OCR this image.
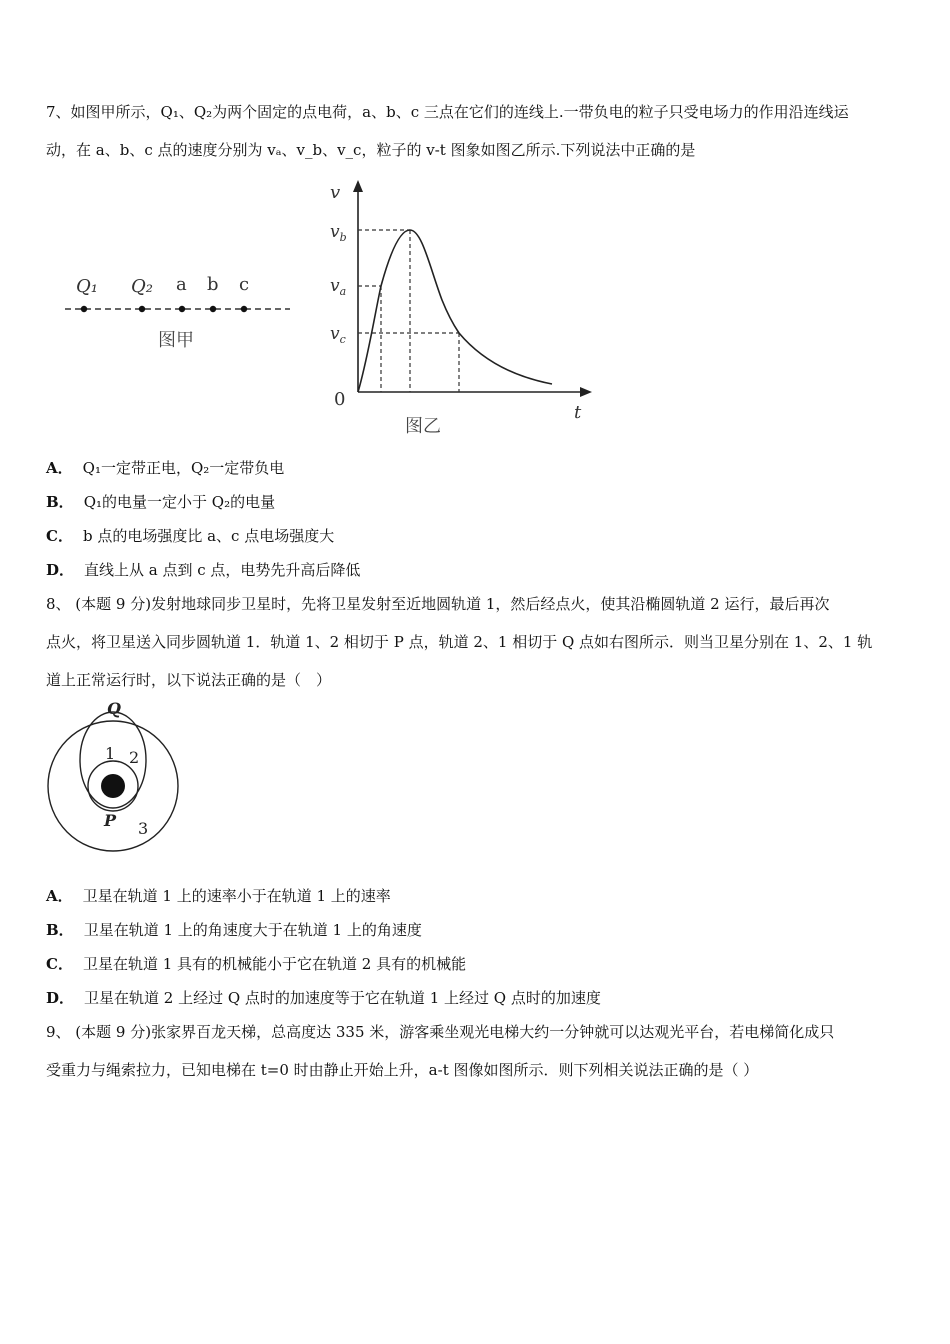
7、如图甲所示，Q₁、Q₂为两个固定的点电荷，a、b、c 三点在它们的连线上.一带负电的粒子只受电场力的作用沿连线运
动，在 a、b、c 点的速度分别为 vₐ、v_b、v_c，粒子的 v-t 图象如图乙所示.下列说法中正确的是
Q₁ Q₂ a b c
图甲
v
t
0
$v_b$
$v_a$
$v_c$
图乙
A． Q₁一定带正电，Q₂一定带负电
B． Q₁的电量一定小于 Q₂的电量
C． b 点的电场强度比 a、c 点电场强度大
D． 直线上从 a 点到 c 点，电势先升高后降低
8、 (本题 9 分)发射地球同步卫星时，先将卫星发射至近地圆轨道 1，然后经点火，使其沿椭圆轨道 2 运行，最后再次
点火，将卫星送入同步圆轨道 1．轨道 1、2 相切于 P 点，轨道 2、1 相切于 Q 点如右图所示．则当卫星分别在 1、2、1 轨
道上正常运行时，以下说法正确的是（　）
Q
P
1 2
3
A． 卫星在轨道 1 上的速率小于在轨道 1 上的速率
B． 卫星在轨道 1 上的角速度大于在轨道 1 上的角速度
C． 卫星在轨道 1 具有的机械能小于它在轨道 2 具有的机械能
D． 卫星在轨道 2 上经过 Q 点时的加速度等于它在轨道 1 上经过 Q 点时的加速度
9、 (本题 9 分)张家界百龙天梯，总高度达 335 米，游客乘坐观光电梯大约一分钟就可以达观光平台，若电梯简化成只
受重力与绳索拉力，已知电梯在 t=0 时由静止开始上升，a-t 图像如图所示．则下列相关说法正确的是（ ）
